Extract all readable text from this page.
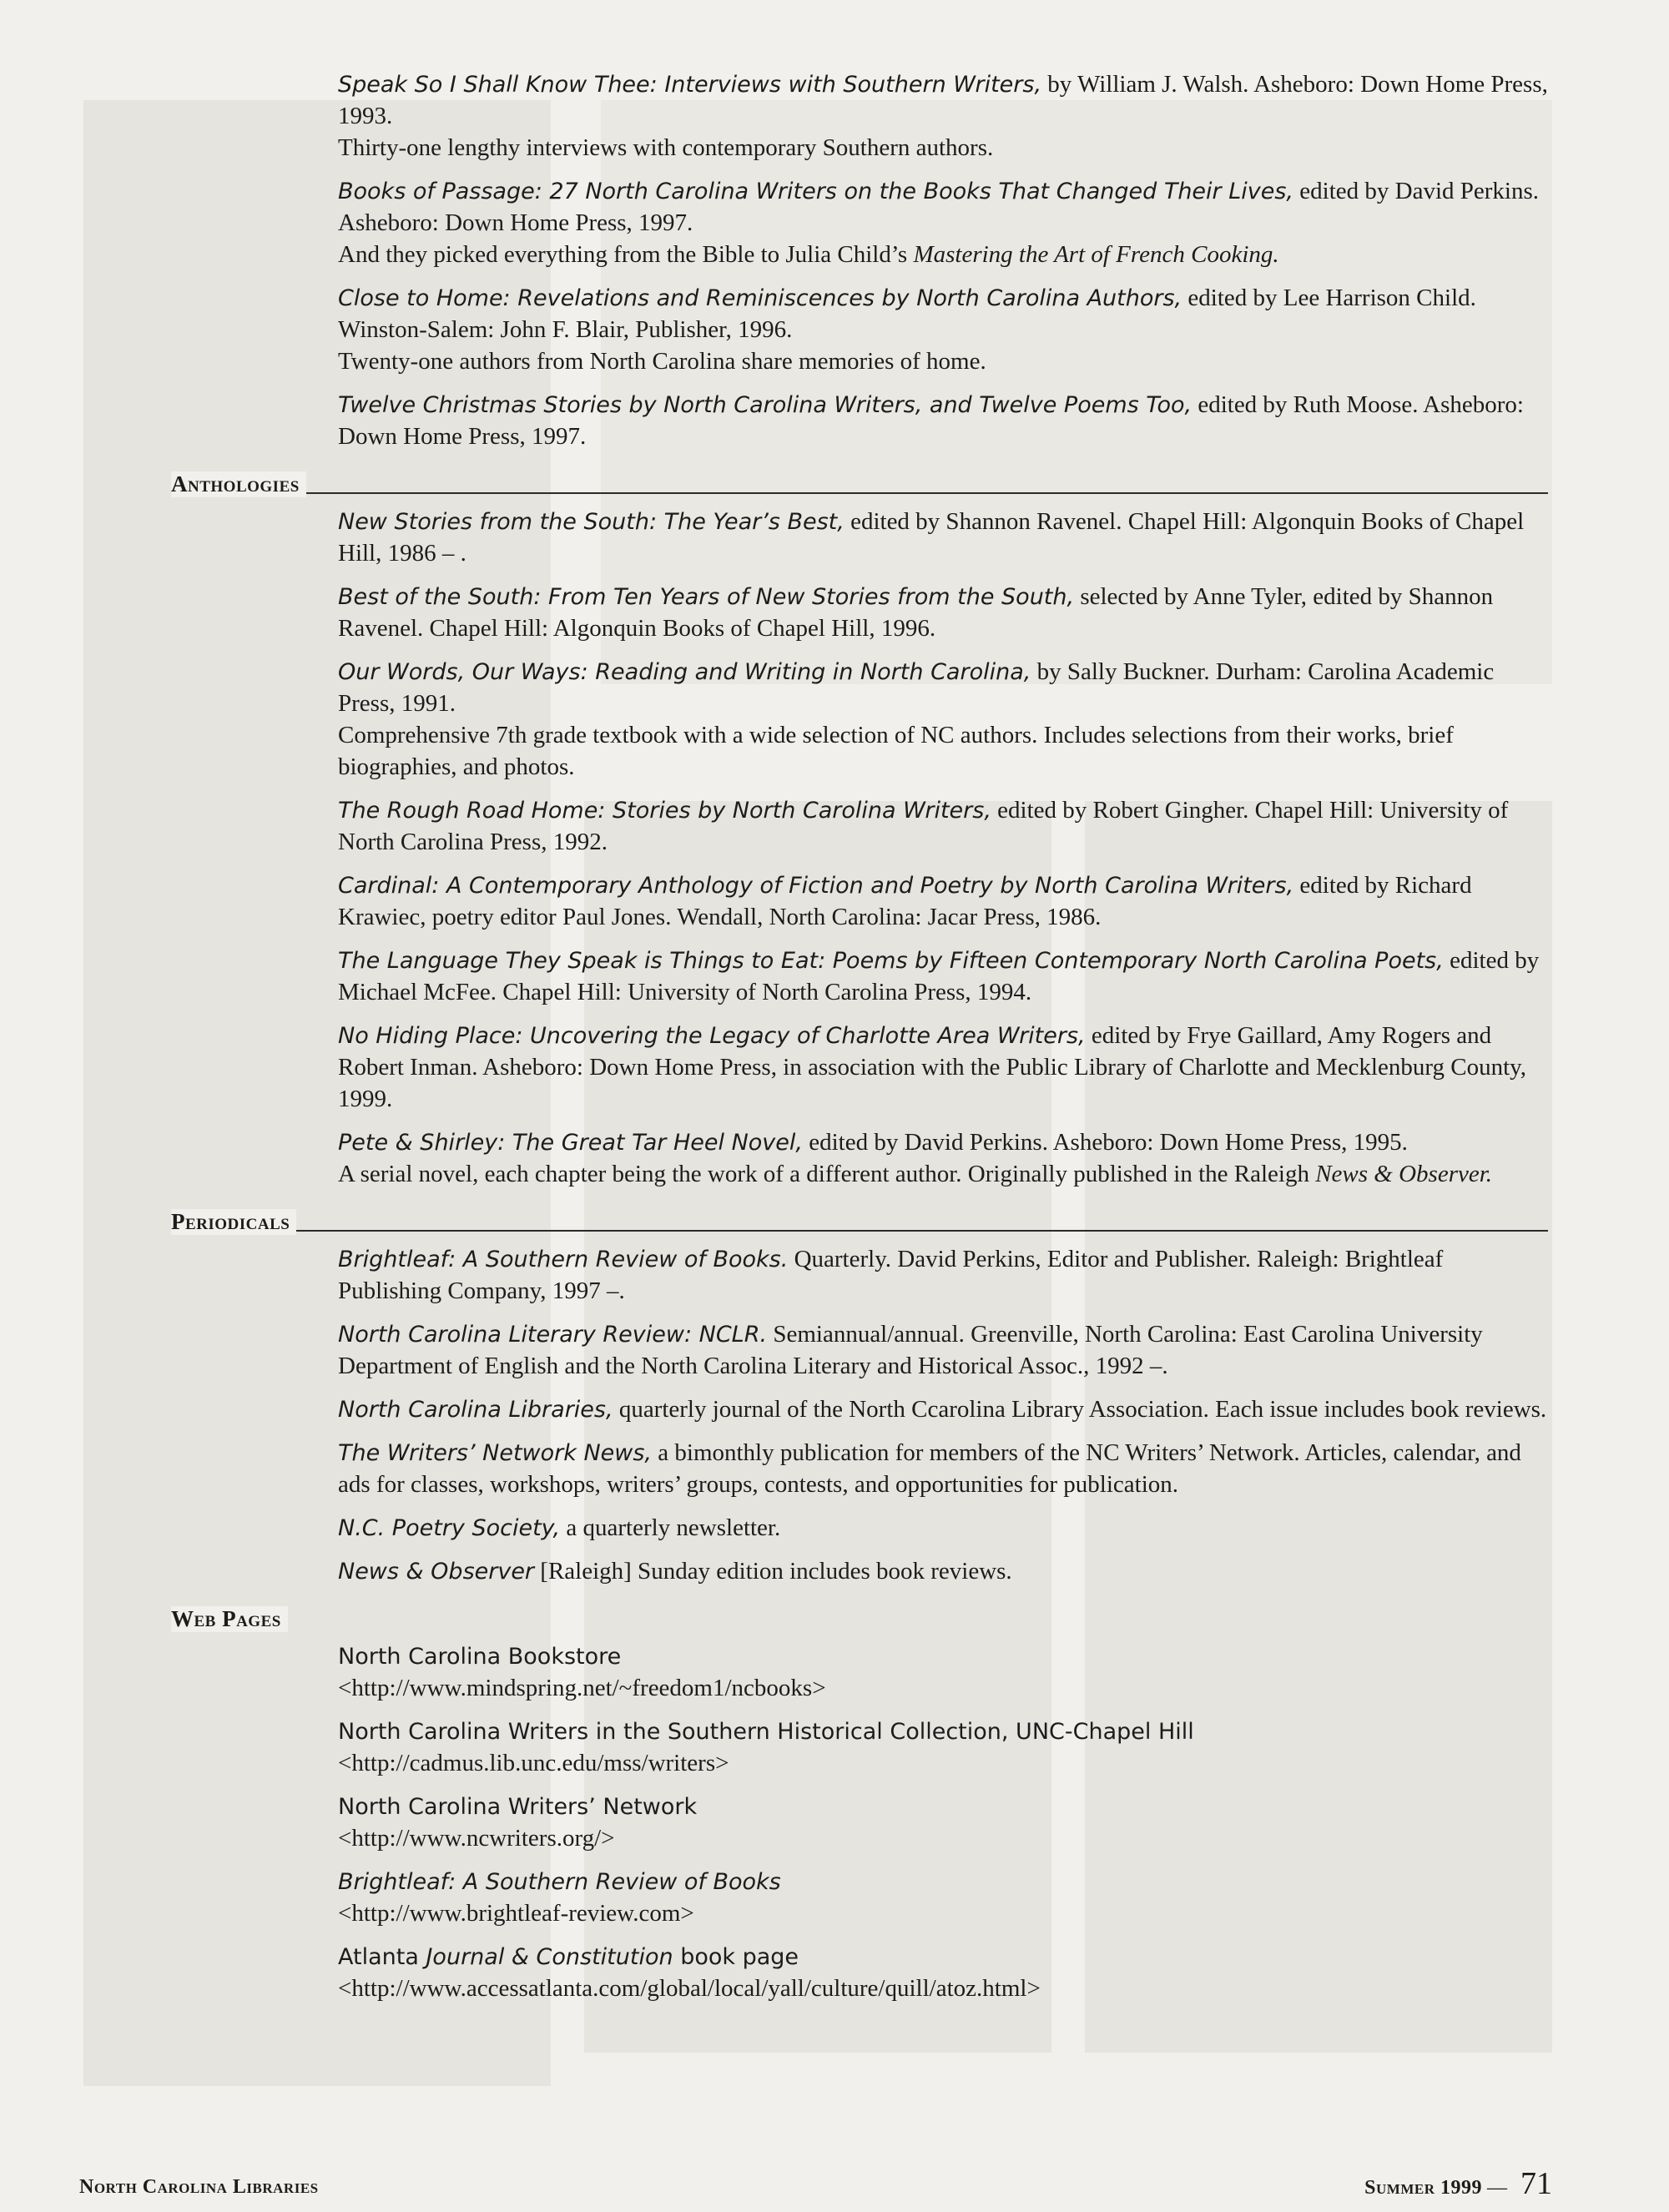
Speak So I Shall Know Thee: Interviews with Southern Writers, by William J. Walsh. Asheboro: Down Home Press, 1993.
Thirty-one lengthy interviews with contemporary Southern authors.
Books of Passage: 27 North Carolina Writers on the Books That Changed Their Lives, edited by David Perkins. Asheboro: Down Home Press, 1997.
And they picked everything from the Bible to Julia Child’s Mastering the Art of French Cooking.
Close to Home: Revelations and Reminiscences by North Carolina Authors, edited by Lee Harrison Child. Winston-Salem: John F. Blair, Publisher, 1996.
Twenty-one authors from North Carolina share memories of home.
Twelve Christmas Stories by North Carolina Writers, and Twelve Poems Too, edited by Ruth Moose. Asheboro: Down Home Press, 1997.
Anthologies
New Stories from the South: The Year’s Best, edited by Shannon Ravenel. Chapel Hill: Algonquin Books of Chapel Hill, 1986 – .
Best of the South: From Ten Years of New Stories from the South, selected by Anne Tyler, edited by Shannon Ravenel. Chapel Hill: Algonquin Books of Chapel Hill, 1996.
Our Words, Our Ways: Reading and Writing in North Carolina, by Sally Buckner. Durham: Carolina Academic Press, 1991.
Comprehensive 7th grade textbook with a wide selection of NC authors. Includes selections from their works, brief biographies, and photos.
The Rough Road Home: Stories by North Carolina Writers, edited by Robert Gingher. Chapel Hill: University of North Carolina Press, 1992.
Cardinal: A Contemporary Anthology of Fiction and Poetry by North Carolina Writers, edited by Richard Krawiec, poetry editor Paul Jones. Wendall, North Carolina: Jacar Press, 1986.
The Language They Speak is Things to Eat: Poems by Fifteen Contemporary North Carolina Poets, edited by Michael McFee. Chapel Hill: University of North Carolina Press, 1994.
No Hiding Place: Uncovering the Legacy of Charlotte Area Writers, edited by Frye Gaillard, Amy Rogers and Robert Inman. Asheboro: Down Home Press, in association with the Public Library of Charlotte and Mecklenburg County, 1999.
Pete & Shirley: The Great Tar Heel Novel, edited by David Perkins. Asheboro: Down Home Press, 1995.
A serial novel, each chapter being the work of a different author. Originally published in the Raleigh News & Observer.
Periodicals
Brightleaf: A Southern Review of Books. Quarterly. David Perkins, Editor and Publisher. Raleigh: Brightleaf Publishing Company, 1997 –.
North Carolina Literary Review: NCLR. Semiannual/annual. Greenville, North Carolina: East Carolina University Department of English and the North Carolina Literary and Historical Assoc., 1992 –.
North Carolina Libraries, quarterly journal of the North Ccarolina Library Association. Each issue includes book reviews.
The Writers’ Network News, a bimonthly publication for members of the NC Writers’ Network. Articles, calendar, and ads for classes, workshops, writers’ groups, contests, and opportunities for publication.
N.C. Poetry Society, a quarterly newsletter.
News & Observer [Raleigh] Sunday edition includes book reviews.
Web Pages
North Carolina Bookstore
<http://www.mindspring.net/~freedom1/ncbooks>
North Carolina Writers in the Southern Historical Collection, UNC-Chapel Hill
<http://cadmus.lib.unc.edu/mss/writers>
North Carolina Writers’ Network
<http://www.ncwriters.org/>
Brightleaf: A Southern Review of Books
<http://www.brightleaf-review.com>
Atlanta Journal & Constitution book page
<http://www.accessatlanta.com/global/local/yall/culture/quill/atoz.html>
North Carolina Libraries	Summer 1999 — 71
